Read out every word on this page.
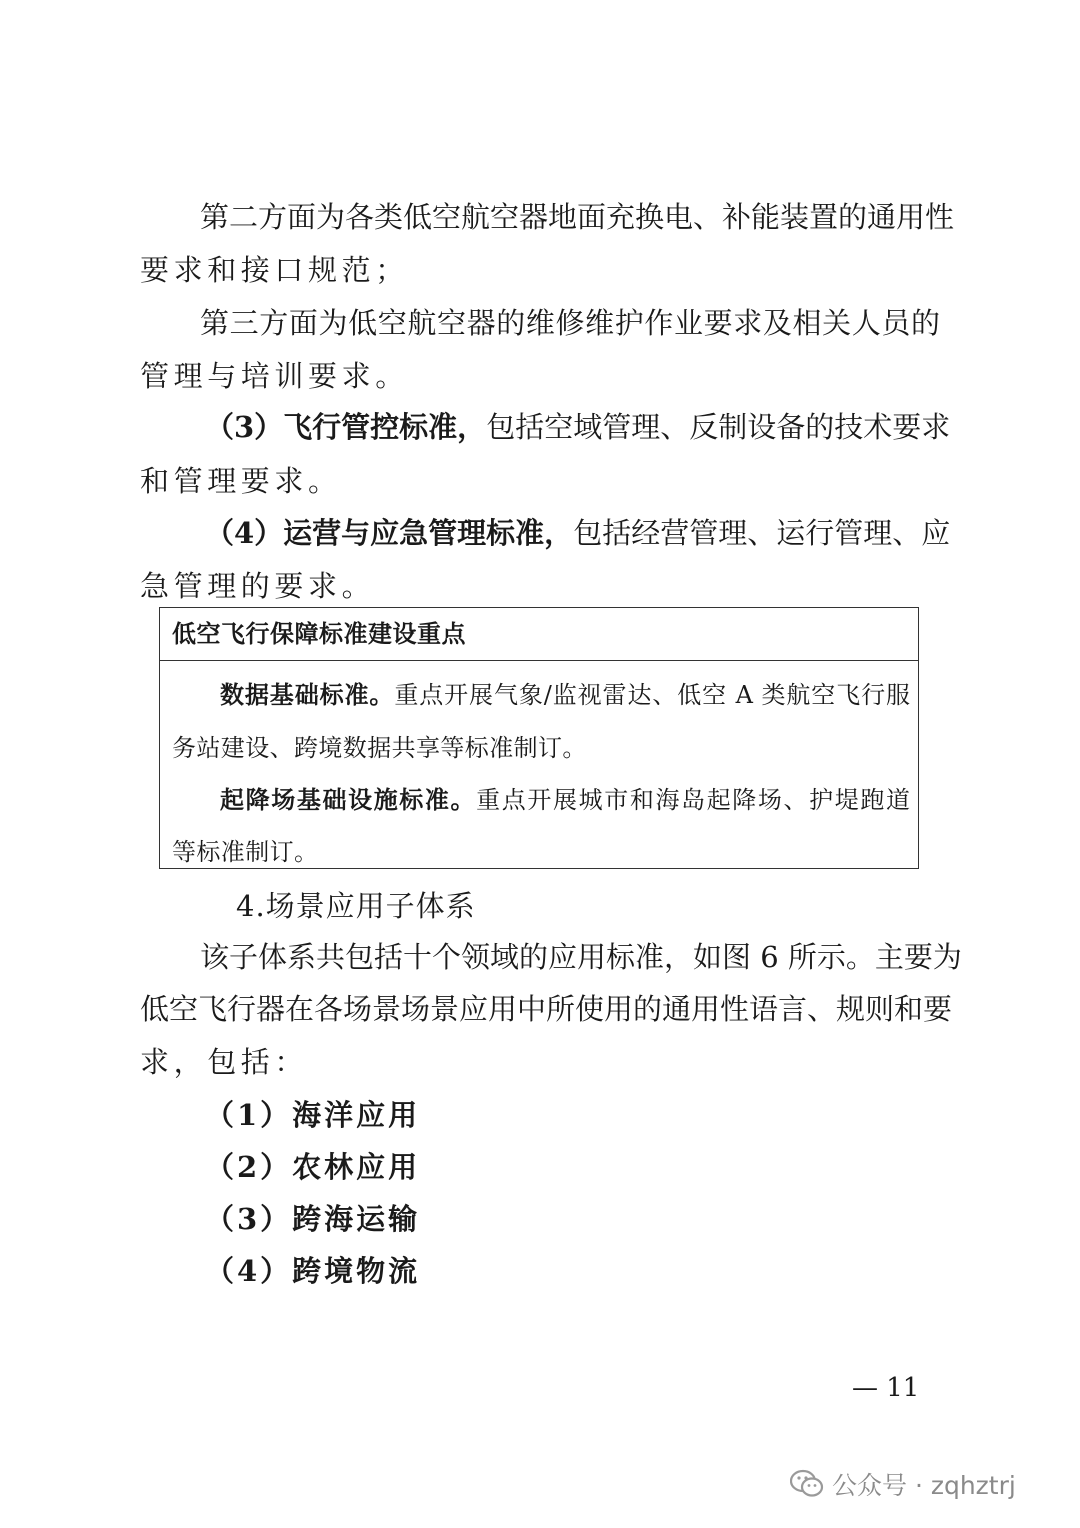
第二方面为各类低空航空器地面充换电、补能装置的通用性
要求和接口规范；
第三方面为低空航空器的维修维护作业要求及相关人员的
管理与培训要求。
（3）飞行管控标准，包括空域管理、反制设备的技术要求
和管理要求。
（4）运营与应急管理标准，包括经营管理、运行管理、应
急管理的要求。
低空飞行保障标准建设重点
数据基础标准。重点开展气象/监视雷达、低空 A 类航空飞行服
务站建设、跨境数据共享等标准制订。
起降场基础设施标准。重点开展城市和海岛起降场、护堤跑道
等标准制订。
4.场景应用子体系
该子体系共包括十个领域的应用标准，如图 6 所示。主要为
低空飞行器在各场景场景应用中所使用的通用性语言、规则和要
求，包括：
（1）海洋应用
（2）农林应用
（3）跨海运输
（4）跨境物流
— 11
公众号 · zqhztrj
